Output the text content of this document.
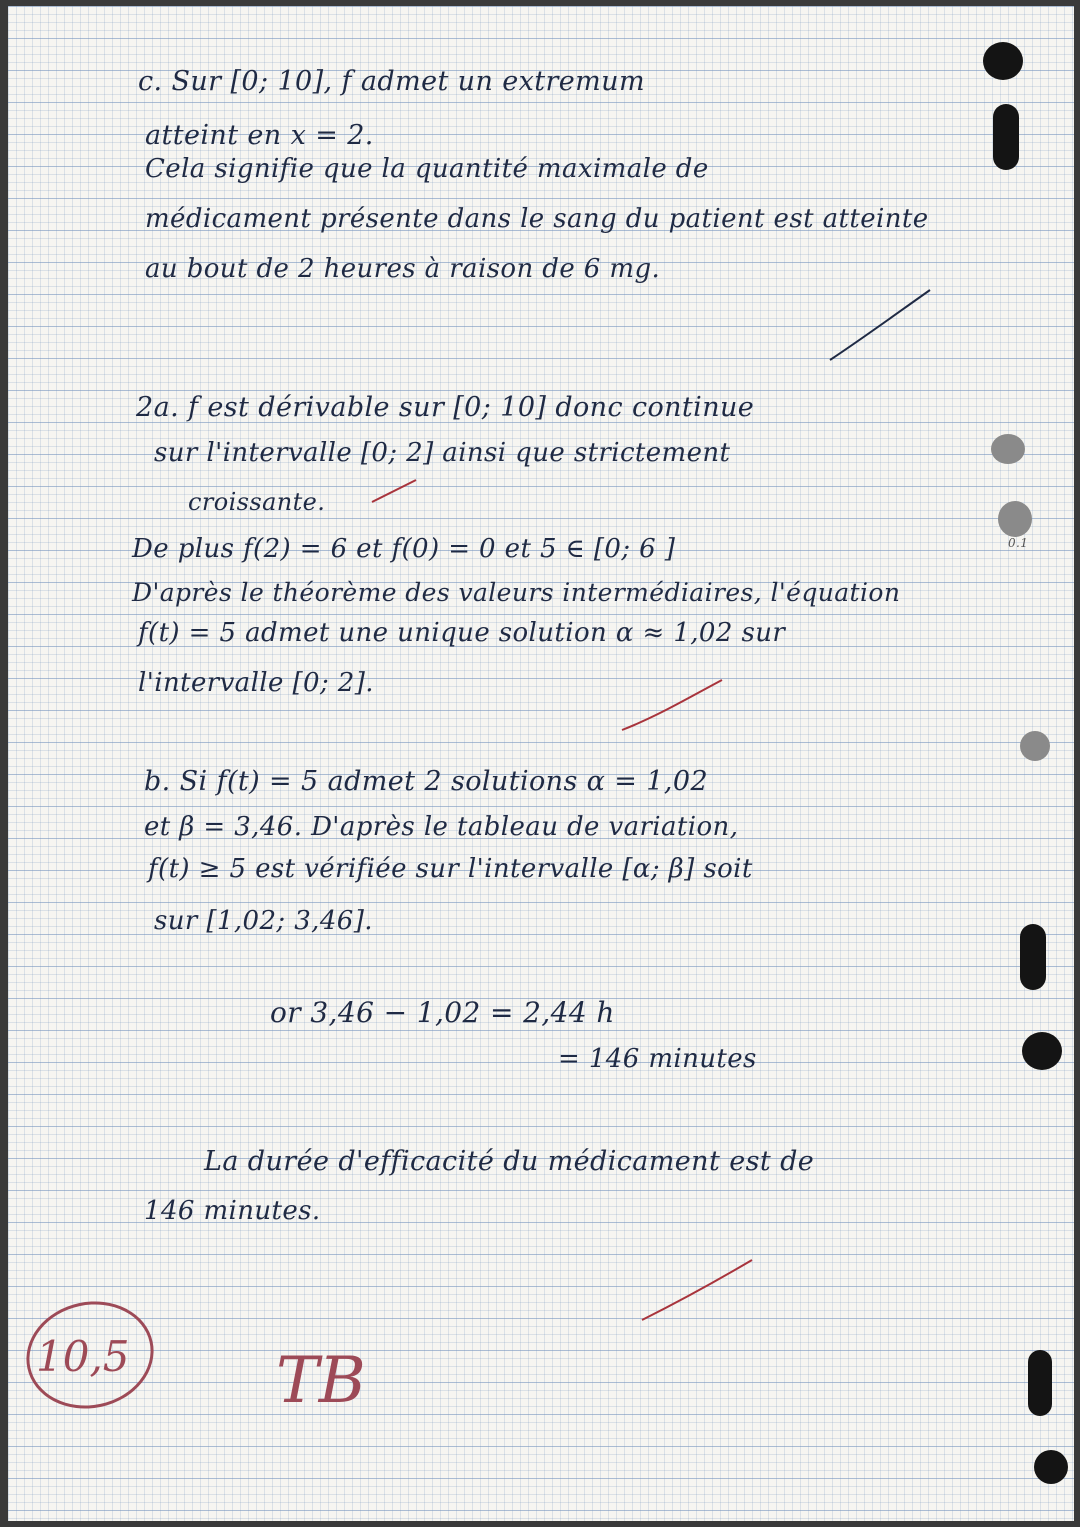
c. Sur [0; 10], f admet un extremum
atteint en x = 2.
Cela signifie que la quantité maximale de
médicament présente dans le sang du patient est atteinte
au bout de 2 heures à raison de 6 mg.
2a. f est dérivable sur [0; 10] donc continue
sur l'intervalle [0; 2] ainsi que strictement
croissante.
De plus f(2) = 6 et f(0) = 0 et 5 ∈ [0; 6 ]	0.1
D'après le théorème des valeurs intermédiaires, l'équation
f(t) = 5 admet une unique solution α ≈ 1,02 sur
l'intervalle [0; 2].
b. Si f(t) = 5 admet 2 solutions α = 1,02
et β = 3,46. D'après le tableau de variation,
f(t) ≥ 5 est vérifiée sur l'intervalle [α; β] soit
sur [1,02; 3,46].
or 3,46 − 1,02 = 2,44 h
= 146 minutes
La durée d'efficacité du médicament est de
146 minutes.
10,5 TB
